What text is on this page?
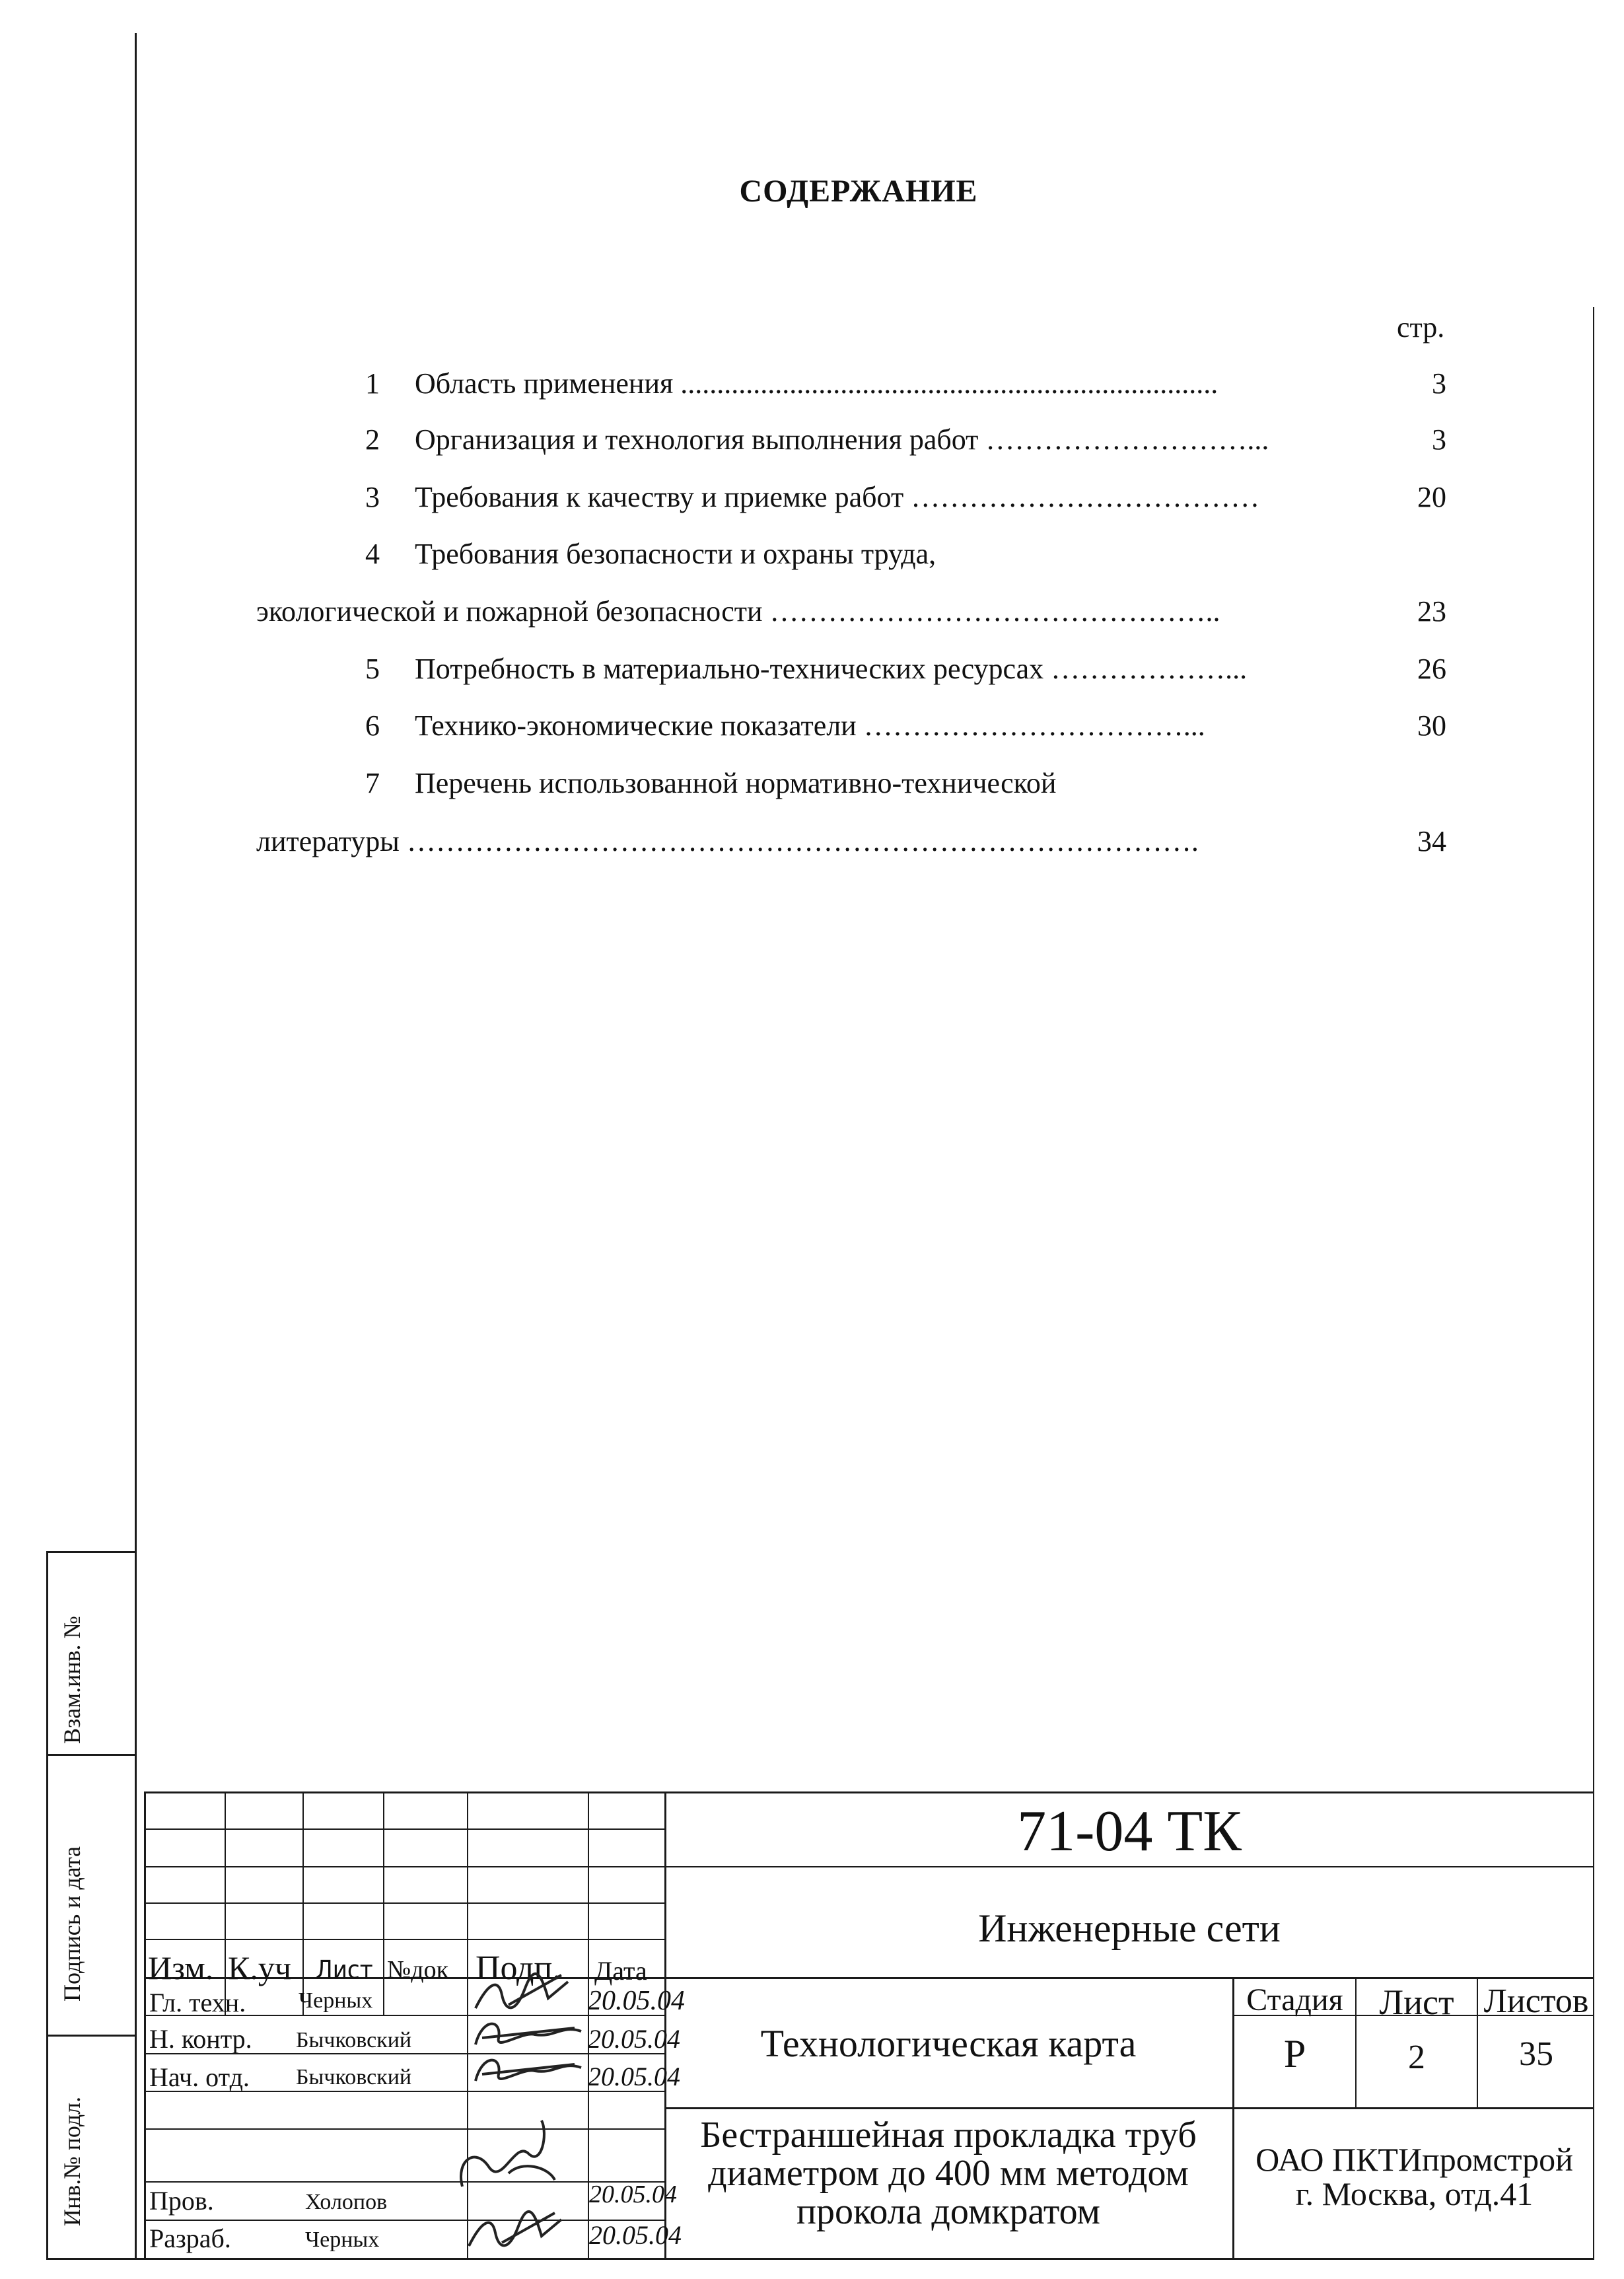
Взам.инв. №
Подпись и дата
Инв.№ подл.
СОДЕРЖАНИЕ
стр.
1 Область применения ..........................................................................	3
2 Организация и технология выполнения работ ………………………...	3
3 Требования к качеству и приемке работ ………………………………	20
4 Требования безопасности и охраны труда,
экологической и пожарной безопасности ………………………………………..	23
5 Потребность в материально-технических ресурсах ………………...	26
6 Технико-экономические показатели ……………………………...	30
7 Перечень использованной нормативно-технической
литературы ……………………………………………………………………….	34
Изм. К.уч Лист №док Подп. Дата
Гл. техн. Черных	20.05.04
Н. контр. Бычковский	20.05.04
Нач. отд. Бычковский	20.05.04
Пров.	Холопов	20.05.04
Разраб.	Черных	20.05.04
71-04 ТК
Инженерные сети
Технологическая карта
Бестраншейная прокладка труб
диаметром до 400 мм методом
прокола домкратом
Стадия	Лист Листов
Р	2	35
ОАО ПКТИпромстрой
г. Москва, отд.41
